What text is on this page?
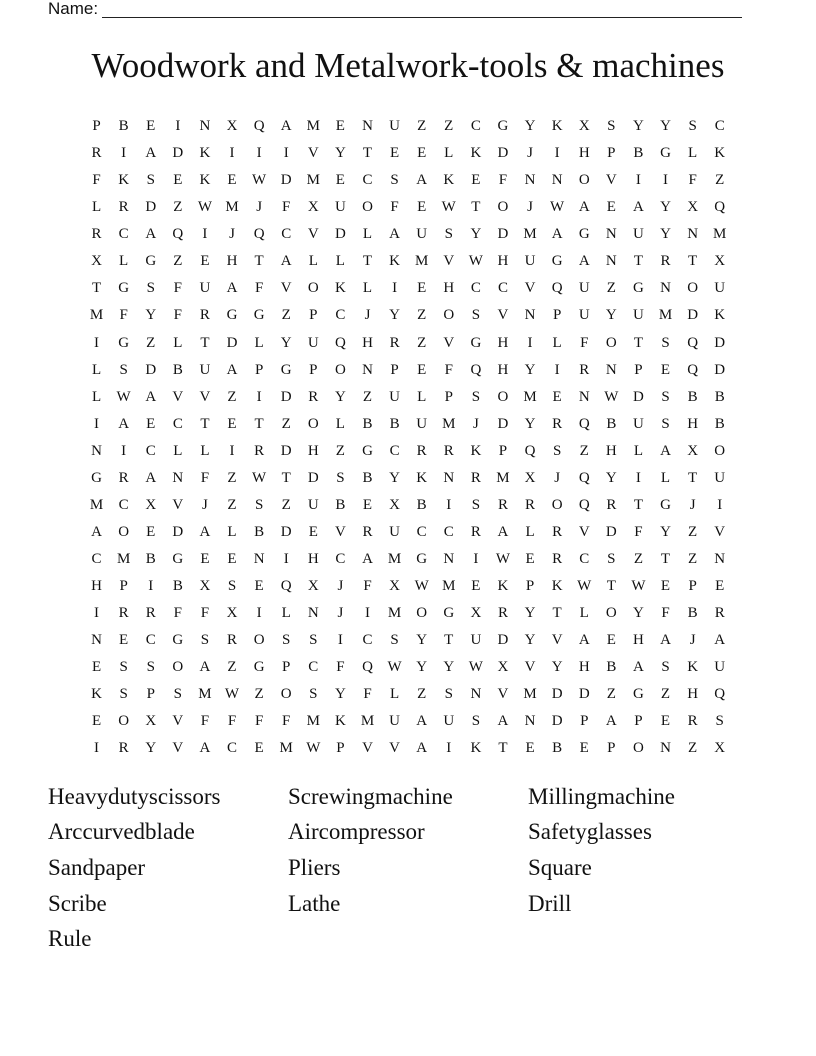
Name:
Woodwork and Metalwork-tools & machines
P	B	E	I	N	X	Q	A	M	E	N	U	Z	Z	C	G	Y	K	X	S	Y	Y	S	C
R	I	A	D	K	I	I	I	V	Y	T	E	E	L	K	D	J	I	H	P	B	G	L	K
F	K	S	E	K	E	W D	M	E	C	S	A	K	E	F	N	N	O	V	I	I	F	Z
L	R	D	Z	W M	J	F	X	U	O	F	E	W	T	O	J	W A	E	A	Y	X	Q
R	C	A	Q	I	J	Q	C	V	D	L	A	U	S	Y	D	M	A	G	N	U	Y	N	M
X	L	G	Z	E	H	T	A	L	L	T	K	M	V W H	U	G	A	N	T	R	T	X
T	G	S	F	U	A	F	V	O	K	L	I	E	H	C	C	V	Q	U	Z	G	N	O	U
M	F	Y	F	R	G	G	Z	P	C	J	Y	Z	O	S	V	N	P	U	Y	U	M	D	K
I	G	Z	L	T	D	L	Y	U	Q	H	R	Z	V	G	H	I	L	F	O	T	S	Q	D
L	S	D	B	U	A	P	G	P	O	N	P	E	F	Q	H	Y	I	R	N	P	E	Q	D
L	W A	V	V	Z	I	D	R	Y	Z	U	L	P	S	O	M	E	N W D	S	B	B
I	A	E	C	T	E	T	Z	O	L	B	B	U	M	J	D	Y	R	Q	B	U	S	H	B
N	I	C	L	L	I	R	D	H	Z	G	C	R	R	K	P	Q	S	Z	H	L	A	X	O
G	R	A	N	F	Z	W	T	D	S	B	Y	K	N	R	M	X	J	Q	Y	I	L	T	U
M	C	X	V	J	Z	S	Z	U	B	E	X	B	I	S	R	R	O	Q	R	T	G	J	I
A	O	E	D	A	L	B	D	E	V	R	U	C	C	R	A	L	R	V	D	F	Y	Z	V
C	M	B	G	E	E	N	I	H	C	A	M	G	N	I	W	E	R	C	S	Z	T	Z	N
H	P	I	B	X	S	E	Q	X	J	F	X W M	E	K	P	K W	T	W	E	P	E
I	R	R	F	F	X	I	L	N	J	I	M	O	G	X	R	Y	T	L	O	Y	F	B	R
N	E	C	G	S	R	O	S	S	I	C	S	Y	T	U	D	Y	V	A	E	H	A	J	A
E	S	S	O	A	Z	G	P	C	F	Q W Y	Y W X	V	Y	H	B	A	S	K	U
K	S	P	S	M W	Z	O	S	Y	F	L	Z	S	N	V	M	D	D	Z	G	Z	H	Q
E	O	X	V	F	F	F	F	M	K	M	U	A	U	S	A	N	D	P	A	P	E	R	S
I	R	Y	V	A	C	E	M W	P	V	V	A	I	K	T	E	B	E	P	O	N	Z	X
Heavydutyscissors	Screwingmachine	Millingmachine
Arccurvedblade	Aircompressor	Safetyglasses
Sandpaper	Pliers	Square
Scribe	Lathe	Drill
Rule
